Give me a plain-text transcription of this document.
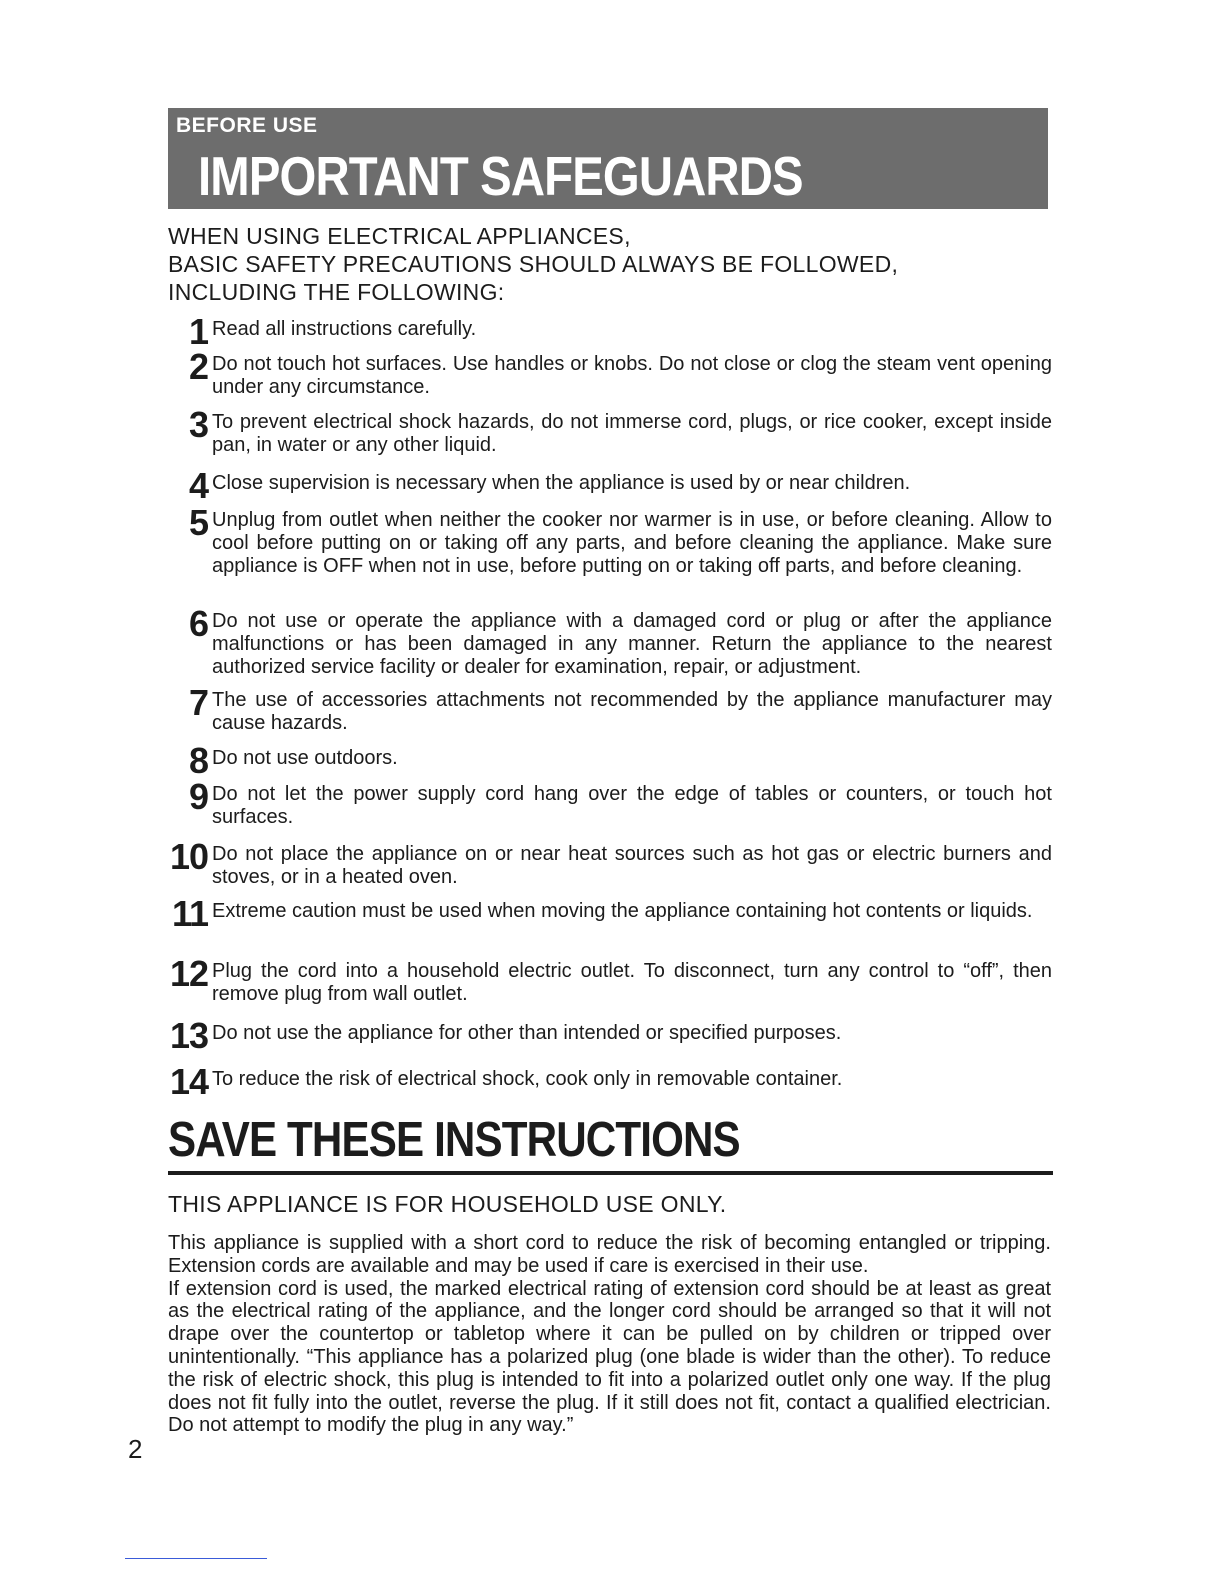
BEFORE USE
IMPORTANT SAFEGUARDS
WHEN USING ELECTRICAL APPLIANCES,
BASIC SAFETY PRECAUTIONS SHOULD ALWAYS BE FOLLOWED,
INCLUDING THE FOLLOWING:
1 Read all instructions carefully.
2 Do not touch hot surfaces. Use handles or knobs. Do not close or clog the steam vent opening under any circumstance.
3 To prevent electrical shock hazards, do not immerse cord, plugs, or rice cooker, except inside pan, in water or any other liquid.
4 Close supervision is necessary when the appliance is used by or near children.
5 Unplug from outlet when neither the cooker nor warmer is in use, or before cleaning. Allow to cool before putting on or taking off any parts, and before cleaning the appliance. Make sure appliance is OFF when not in use, before putting on or taking off parts, and before cleaning.
6 Do not use or operate the appliance with a damaged cord or plug or after the appliance malfunctions or has been damaged in any manner. Return the appliance to the nearest authorized service facility or dealer for examination, repair, or adjustment.
7 The use of accessories attachments not recommended by the appliance manufacturer may cause hazards.
8 Do not use outdoors.
9 Do not let the power supply cord hang over the edge of tables or counters, or touch hot surfaces.
10 Do not place the appliance on or near heat sources such as hot gas or electric burners and stoves, or in a heated oven.
11 Extreme caution must be used when moving the appliance containing hot contents or liquids.
12 Plug the cord into a household electric outlet. To disconnect, turn any control to “off”, then remove plug from wall outlet.
13 Do not use the appliance for other than intended or specified purposes.
14 To reduce the risk of electrical shock, cook only in removable container.
SAVE THESE INSTRUCTIONS
THIS APPLIANCE IS FOR HOUSEHOLD USE ONLY.

This appliance is supplied with a short cord to reduce the risk of becoming entangled or tripping. Extension cords are available and may be used if care is exercised in their use.

If extension cord is used, the marked electrical rating of extension cord should be at least as great as the electrical rating of the appliance, and the longer cord should be arranged so that it will not drape over the countertop or tabletop where it can be pulled on by children or tripped over unintentionally. “This appliance has a polarized plug (one blade is wider than the other). To reduce the risk of electric shock, this plug is intended to fit into a polarized outlet only one way. If the plug does not fit fully into the outlet, reverse the plug. If it still does not fit, contact a qualified electrician. Do not attempt to modify the plug in any way.”

2
